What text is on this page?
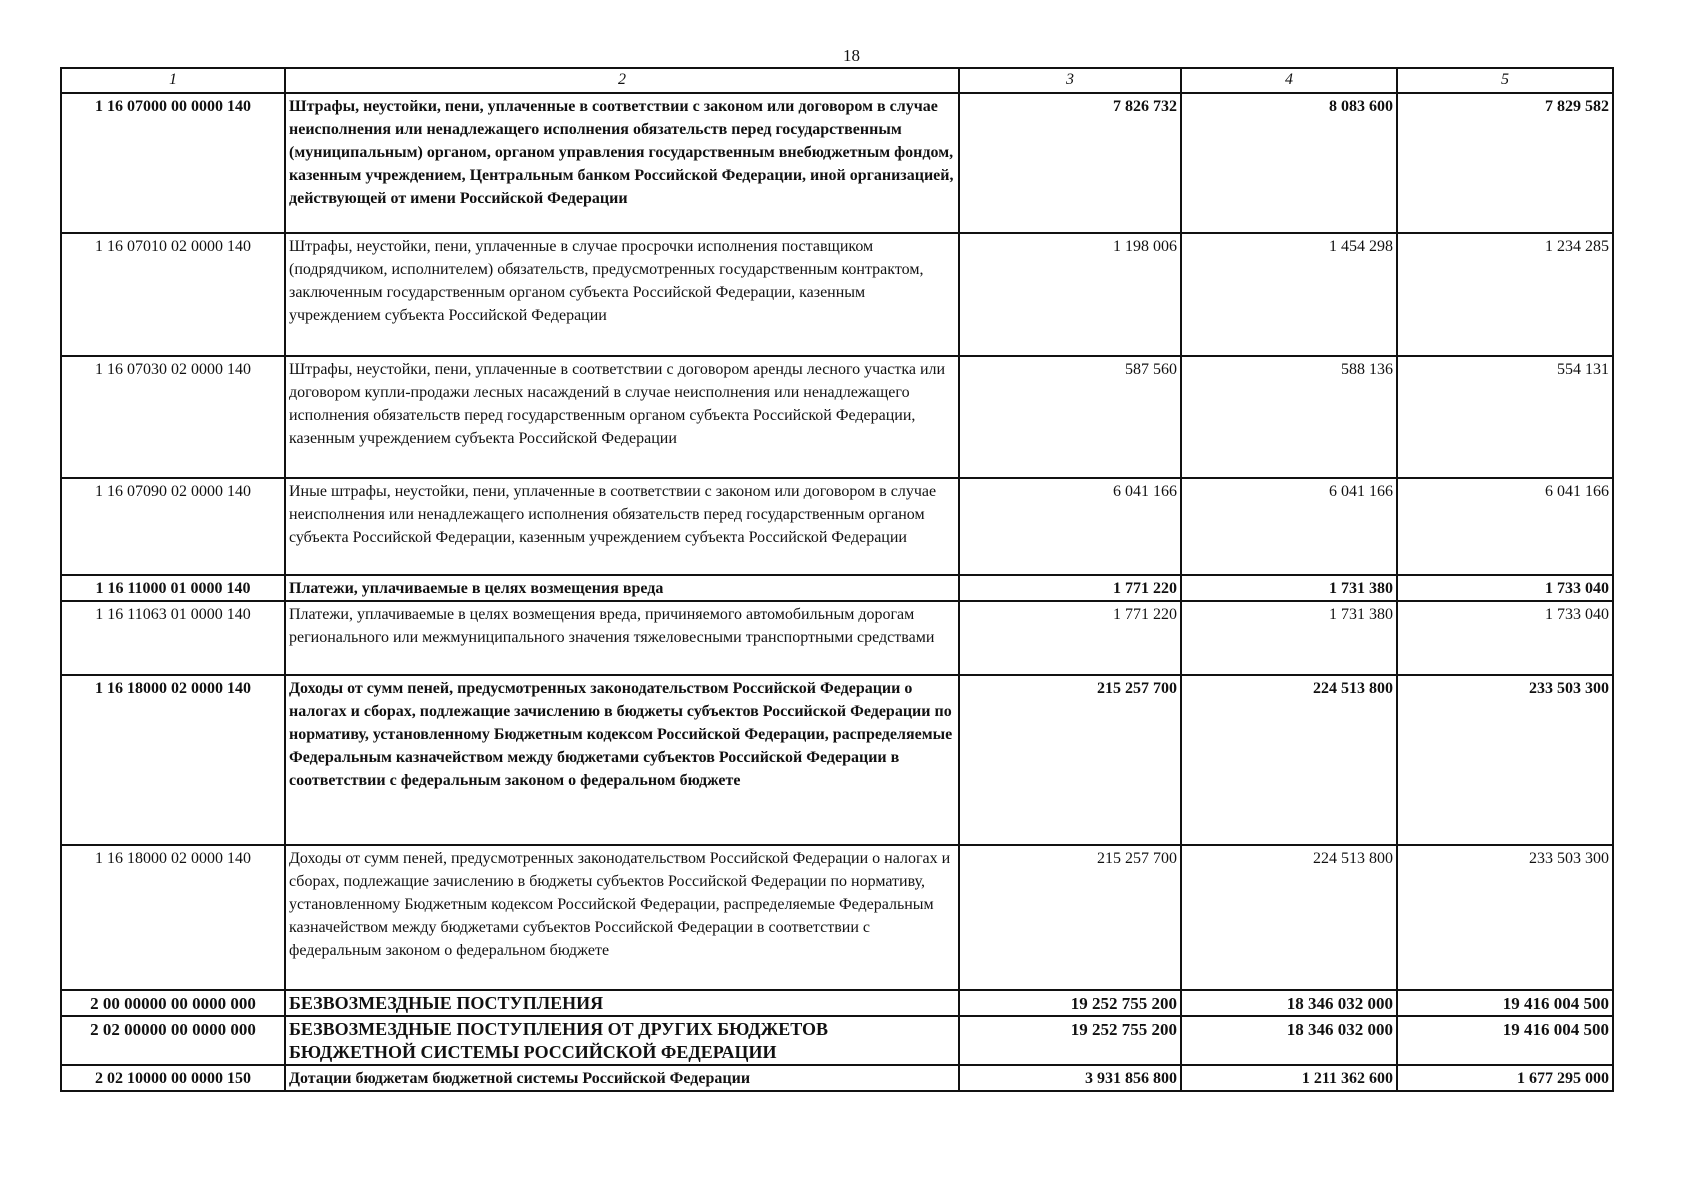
18
1	2	3	4	5
1 16 07000 00 0000 140	Штрафы, неустойки, пени, уплаченные в соответствии с законом или договором в случае неисполнения или ненадлежащего исполнения обязательств перед государственным (муниципальным) органом, органом управления государственным внебюджетным фондом, казенным учреждением, Центральным банком Российской Федерации, иной организацией, действующей от имени Российской Федерации	7 826 732	8 083 600	7 829 582
1 16 07010 02 0000 140	Штрафы, неустойки, пени, уплаченные в случае просрочки исполнения поставщиком (подрядчиком, исполнителем) обязательств, предусмотренных государственным контрактом, заключенным государственным органом субъекта Российской Федерации, казенным учреждением субъекта Российской Федерации	1 198 006	1 454 298	1 234 285
1 16 07030 02 0000 140	Штрафы, неустойки, пени, уплаченные в соответствии с договором аренды лесного участка или договором купли-продажи лесных насаждений в случае неисполнения или ненадлежащего исполнения обязательств перед государственным органом субъекта Российской Федерации, казенным учреждением субъекта Российской Федерации	587 560	588 136	554 131
1 16 07090 02 0000 140	Иные штрафы, неустойки, пени, уплаченные в соответствии с законом или договором в случае неисполнения или ненадлежащего исполнения обязательств перед государственным органом субъекта Российской Федерации, казенным учреждением субъекта Российской Федерации	6 041 166	6 041 166	6 041 166
1 16 11000 01 0000 140	Платежи, уплачиваемые в целях возмещения вреда	1 771 220	1 731 380	1 733 040
1 16 11063 01 0000 140	Платежи, уплачиваемые в целях возмещения вреда, причиняемого автомобильным дорогам регионального или межмуниципального значения тяжеловесными транспортными средствами	1 771 220	1 731 380	1 733 040
1 16 18000 02 0000 140	Доходы от сумм пеней, предусмотренных законодательством Российской Федерации о налогах и сборах, подлежащие зачислению в бюджеты субъектов Российской Федерации по нормативу, установленному Бюджетным кодексом Российской Федерации, распределяемые Федеральным казначейством между бюджетами субъектов Российской Федерации в соответствии с федеральным законом о федеральном бюджете	215 257 700	224 513 800	233 503 300
1 16 18000 02 0000 140	Доходы от сумм пеней, предусмотренных законодательством Российской Федерации о налогах и сборах, подлежащие зачислению в бюджеты субъектов Российской Федерации по нормативу, установленному Бюджетным кодексом Российской Федерации, распределяемые Федеральным казначейством между бюджетами субъектов Российской Федерации в соответствии с федеральным законом о федеральном бюджете	215 257 700	224 513 800	233 503 300
2 00 00000 00 0000 000	БЕЗВОЗМЕЗДНЫЕ ПОСТУПЛЕНИЯ	19 252 755 200	18 346 032 000	19 416 004 500
2 02 00000 00 0000 000	БЕЗВОЗМЕЗДНЫЕ ПОСТУПЛЕНИЯ ОТ ДРУГИХ БЮДЖЕТОВ БЮДЖЕТНОЙ СИСТЕМЫ РОССИЙСКОЙ ФЕДЕРАЦИИ	19 252 755 200	18 346 032 000	19 416 004 500
2 02 10000 00 0000 150	Дотации бюджетам бюджетной системы Российской Федерации	3 931 856 800	1 211 362 600	1 677 295 000
